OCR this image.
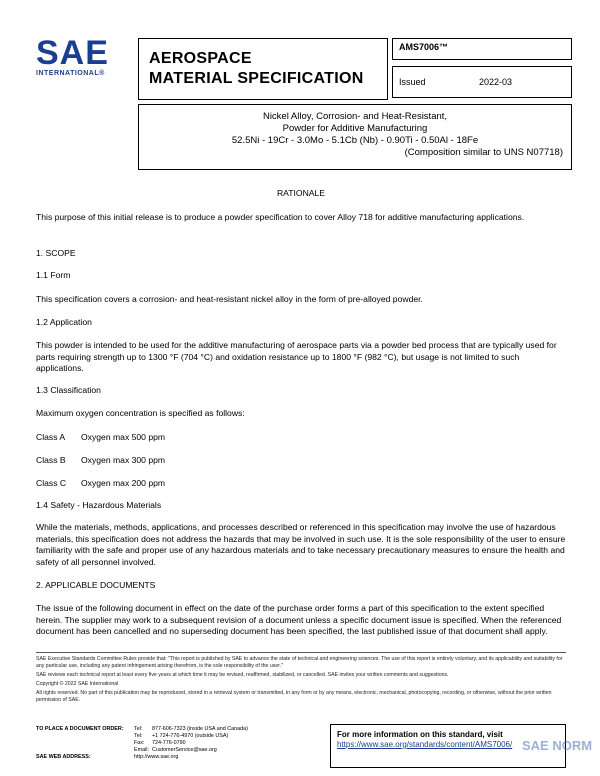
SAE
INTERNATIONAL®
AEROSPACE
MATERIAL SPECIFICATION
AMS7006™
Issued	2022-03
Nickel Alloy, Corrosion- and Heat-Resistant,
Powder for Additive Manufacturing
52.5Ni - 19Cr - 3.0Mo - 5.1Cb (Nb) - 0.90Ti - 0.50Al - 18Fe
(Composition similar to UNS N07718)
RATIONALE
This purpose of this initial release is to produce a powder specification to cover Alloy 718 for additive manufacturing applications.
1. SCOPE
1.1 Form
This specification covers a corrosion- and heat-resistant nickel alloy in the form of pre-alloyed powder.
1.2 Application
This powder is intended to be used for the additive manufacturing of aerospace parts via a powder bed process that are typically used for parts requiring strength up to 1300 °F (704 °C) and oxidation resistance up to 1800 °F (982 °C), but usage is not limited to such applications.
1.3 Classification
Maximum oxygen concentration is specified as follows:
Class A Oxygen max 500 ppm
Class B Oxygen max 300 ppm
Class C Oxygen max 200 ppm
1.4 Safety - Hazardous Materials
While the materials, methods, applications, and processes described or referenced in this specification may involve the use of hazardous materials, this specification does not address the hazards that may be involved in such use. It is the sole responsibility of the user to ensure familiarity with the safe and proper use of any hazardous materials and to take necessary precautionary measures to ensure the health and safety of all personnel involved.
2. APPLICABLE DOCUMENTS
The issue of the following document in effect on the date of the purchase order forms a part of this specification to the extent specified herein. The supplier may work to a subsequent revision of a document unless a specific document issue is specified. When the referenced document has been cancelled and no superseding document has been specified, the last published issue of that document shall apply.
SAE Executive Standards Committee Rules provide that: "This report is published by SAE to advance the state of technical and engineering sciences. The use of this report is entirely voluntary, and its applicability and suitability for any particular use, including any patent infringement arising therefrom, is the sole responsibility of the user."
SAE reviews each technical report at least every five years at which time it may be revised, reaffirmed, stabilized, or cancelled. SAE invites your written comments and suggestions.
Copyright © 2022 SAE International
All rights reserved. No part of this publication may be reproduced, stored in a retrieval system or transmitted, in any form or by any means, electronic, mechanical, photocopying, recording, or otherwise, without the prior written permission of SAE.
TO PLACE A DOCUMENT ORDER:	Tel:	877-606-7323 (inside USA and Canada)
	Tel:	+1 724-776-4970 (outside USA)
	Fax:	724-776-0790
	Email:	CustomerService@sae.org
SAE WEB ADDRESS:	http://www.sae.org	
For more information on this standard, visit
https://www.sae.org/standards/content/AMS7006/ SAE NORM
